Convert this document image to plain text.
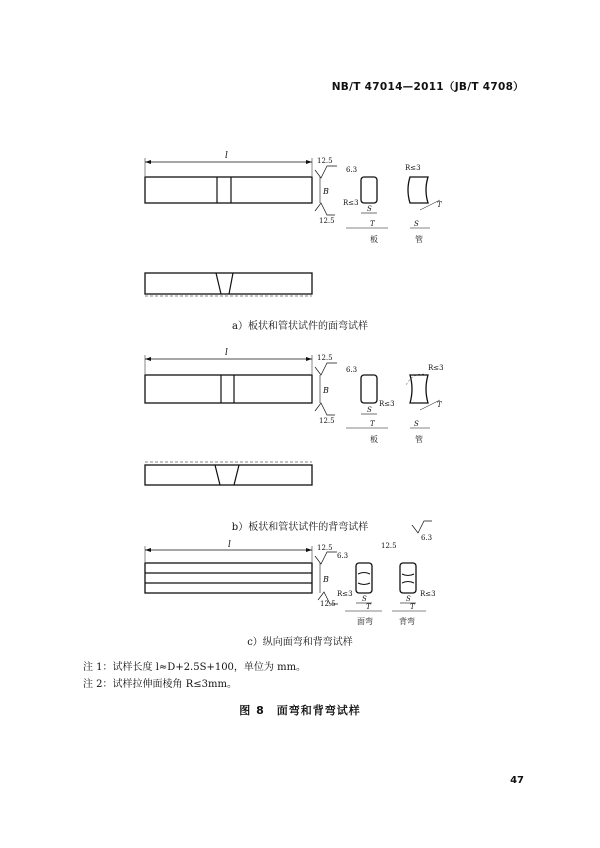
NB/T 47014—2011（JB/T 4708）
l
B
12.5
12.5
R≤3
S
T
6.3
板
R≤3
T
S
管
l
B
12.5
12.5
R≤3
S
T
6.3
板
R≤3
T
S
管
l
B
12.5
12.5
6.3
R≤3
S
T
面弯
12.5
R≤3
S
T
背弯
6.3
a）板状和管状试件的面弯试样
b）板状和管状试件的背弯试样
c）纵向面弯和背弯试样
注 1：试样长度 l≈D+2.5S+100，单位为 mm。
注 2：试样拉伸面棱角 R≤3mm。
图 8　面弯和背弯试样
47
